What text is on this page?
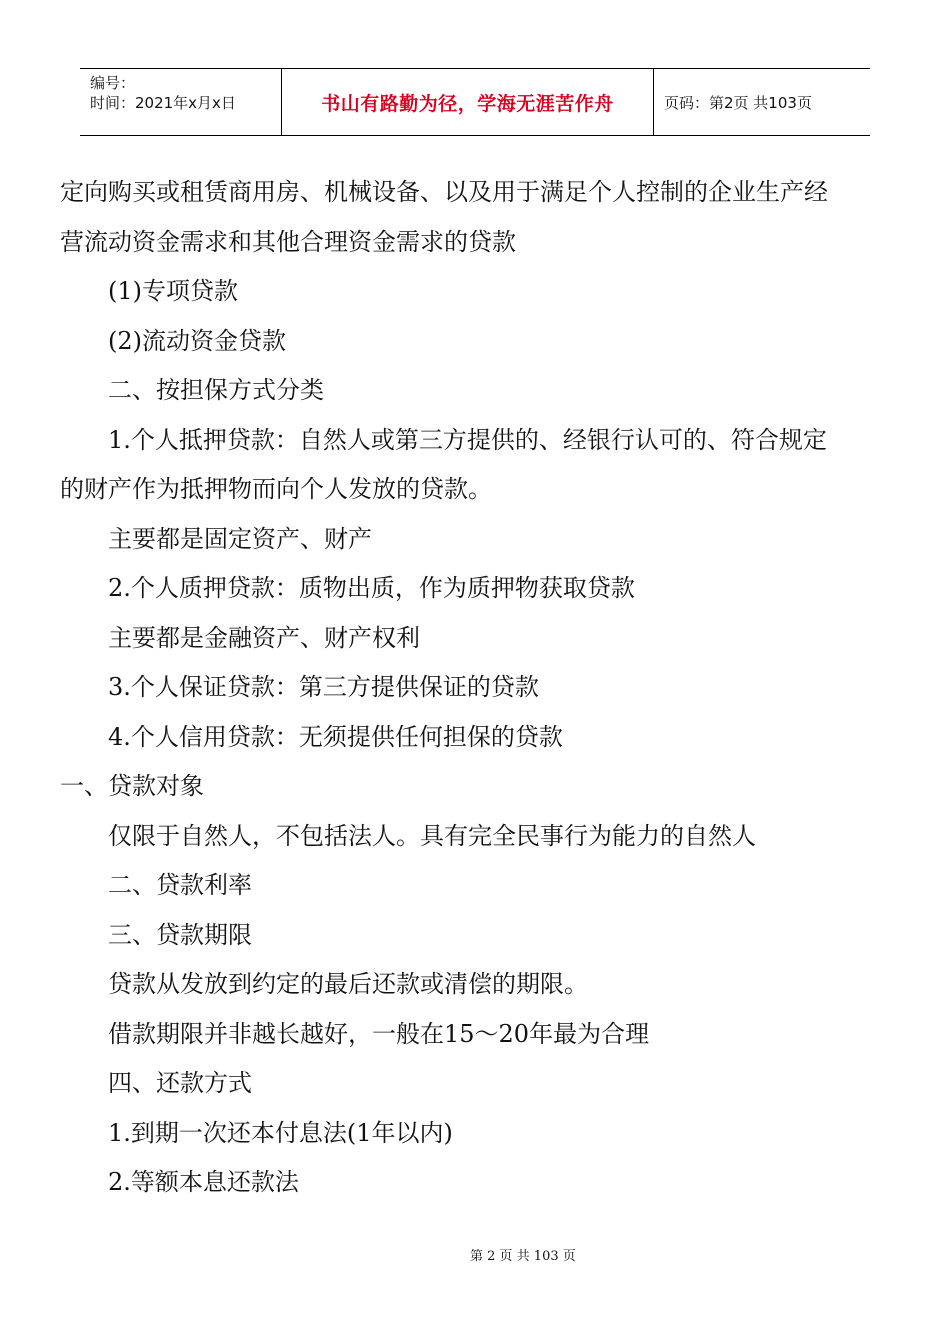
编号：
时间：2021年x月x日	书山有路勤为径，学海无涯苦作舟	页码：第2页 共103页

定向购买或租赁商用房、机械设备、以及用于满足个人控制的企业生产经

营流动资金需求和其他合理资金需求的贷款

(1)专项贷款

(2)流动资金贷款

二、按担保方式分类

1.个人抵押贷款：自然人或第三方提供的、经银行认可的、符合规定

的财产作为抵押物而向个人发放的贷款。

主要都是固定资产、财产

2.个人质押贷款：质物出质，作为质押物获取贷款

主要都是金融资产、财产权利

3.个人保证贷款：第三方提供保证的贷款

4.个人信用贷款：无须提供任何担保的贷款

一、贷款对象

仅限于自然人，不包括法人。具有完全民事行为能力的自然人

二、贷款利率

三、贷款期限

贷款从发放到约定的最后还款或清偿的期限。

借款期限并非越长越好，一般在15～20年最为合理

四、还款方式

1.到期一次还本付息法(1年以内)

2.等额本息还款法

第 2 页 共 103 页
